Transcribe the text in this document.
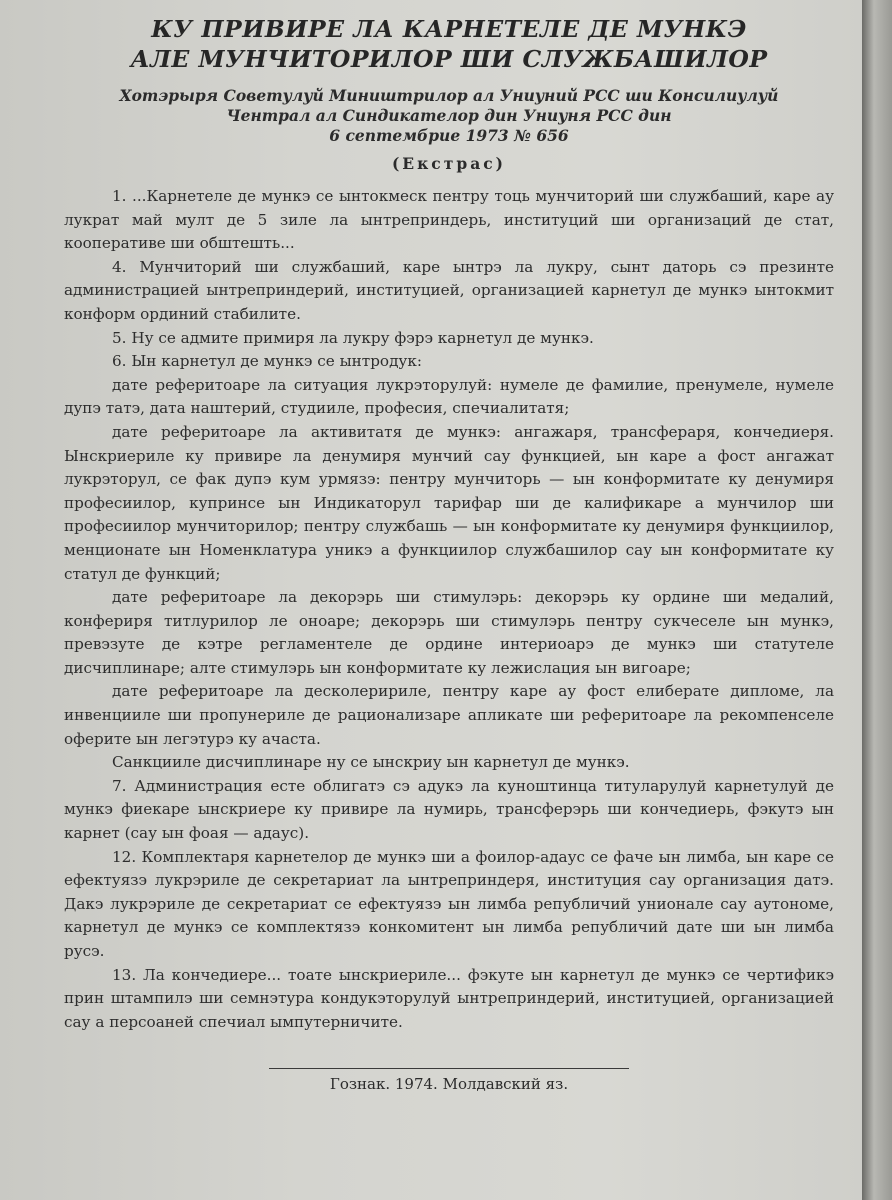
КУ ПРИВИРЕ ЛА КАРНЕТЕЛЕ ДЕ МУНКЭ
АЛЕ МУНЧИТОРИЛОР ШИ СЛУЖБАШИЛОР
Хотэрыря Советулуй Миништрилор ал Униуний РСС ши Консилиулуй
Чентрал ал Синдикателор дин Униуня РСС дин
6 септембрие 1973 № 656
(Екстрас)

1. ...Карнетеле де мункэ се ынтокмеск пентру тоць мунчиторий ши службаший, каре ау лукрат май мулт де 5 зиле ла ынтреприндерь, институций ши организаций де стат, кооперативе ши обштешть...

4. Мунчиторий ши службаший, каре ынтрэ ла лукру, сынт даторь сэ презинте администрацией ынтреприндерий, институцией, организацией карнетул де мункэ ынтокмит конформ ординий стабилите.

5. Ну се адмите примиря ла лукру фэрэ карнетул де мункэ.

6. Ын карнетул де мункэ се ынтродук:

дате реферитоаре ла ситуация лукрэторулуй: нумеле де фамилие, пренумеле, нумеле дупэ татэ, дата наштерий, студииле, професия, спечиалитатя;

дате реферитоаре ла активитатя де мункэ: ангажаря, трансфераря, кончедиеря. Ынскриериле ку привире ла денумиря мунчий сау функцией, ын каре а фост ангажат лукрэторул, се фак дупэ кум урмязэ: пентру мунчиторь — ын конформитате ку денумиря професиилор, купринсе ын Индикаторул тарифар ши де калификаре а мунчилор ши професиилор мунчиторилор; пентру службашь — ын конформитате ку денумиря функциилор, менционате ын Номенклатура уникэ а функциилор службашилор сау ын конформитате ку статул де функций;

дате реферитоаре ла декорэрь ши стимулэрь: декорэрь ку ордине ши медалий, конфериря титлурилор ле оноаре; декорэрь ши стимулэрь пентру сукчеселе ын мункэ, превэзуте де кэтре регламентеле де ордине интериоарэ де мункэ ши статутеле дисчиплинаре; алте стимулэрь ын конформитате ку лежислация ын вигоаре;

дате реферитоаре ла десколеририле, пентру каре ау фост елиберате дипломе, ла инвенцииле ши пропунериле де рационализаре апликате ши реферитоаре ла рекомпенселе оферите ын легэтурэ ку ачаста.

Санкцииле дисчиплинаре ну се ынскриу ын карнетул де мункэ.

7. Администрация есте облигатэ сэ адукэ ла куноштинца титуларулуй карнетулуй де мункэ фиекаре ынскриере ку привире ла нумирь, трансферэрь ши кончедиерь, фэкутэ ын карнет (сау ын фоая — адаус).

12. Комплектаря карнетелор де мункэ ши а фоилор-адаус се фаче ын лимба, ын каре се ефектуязэ лукрэриле де секретариат ла ынтреприндеря, институция сау организация датэ. Дакэ лукрэриле де секретариат се ефектуязэ ын лимба републичий унионале сау аутономе, карнетул де мункэ се комплектязэ конкомитент ын лимба републичий дате ши ын лимба русэ.

13. Ла кончедиере... тоате ынскриериле... фэкуте ын карнетул де мункэ се чертификэ прин штампилэ ши семнэтура кондукэторулуй ынтреприндерий, институцией, организацией сау а персоаней спечиал ымпутерничите.

Гознак. 1974. Молдавский яз.
